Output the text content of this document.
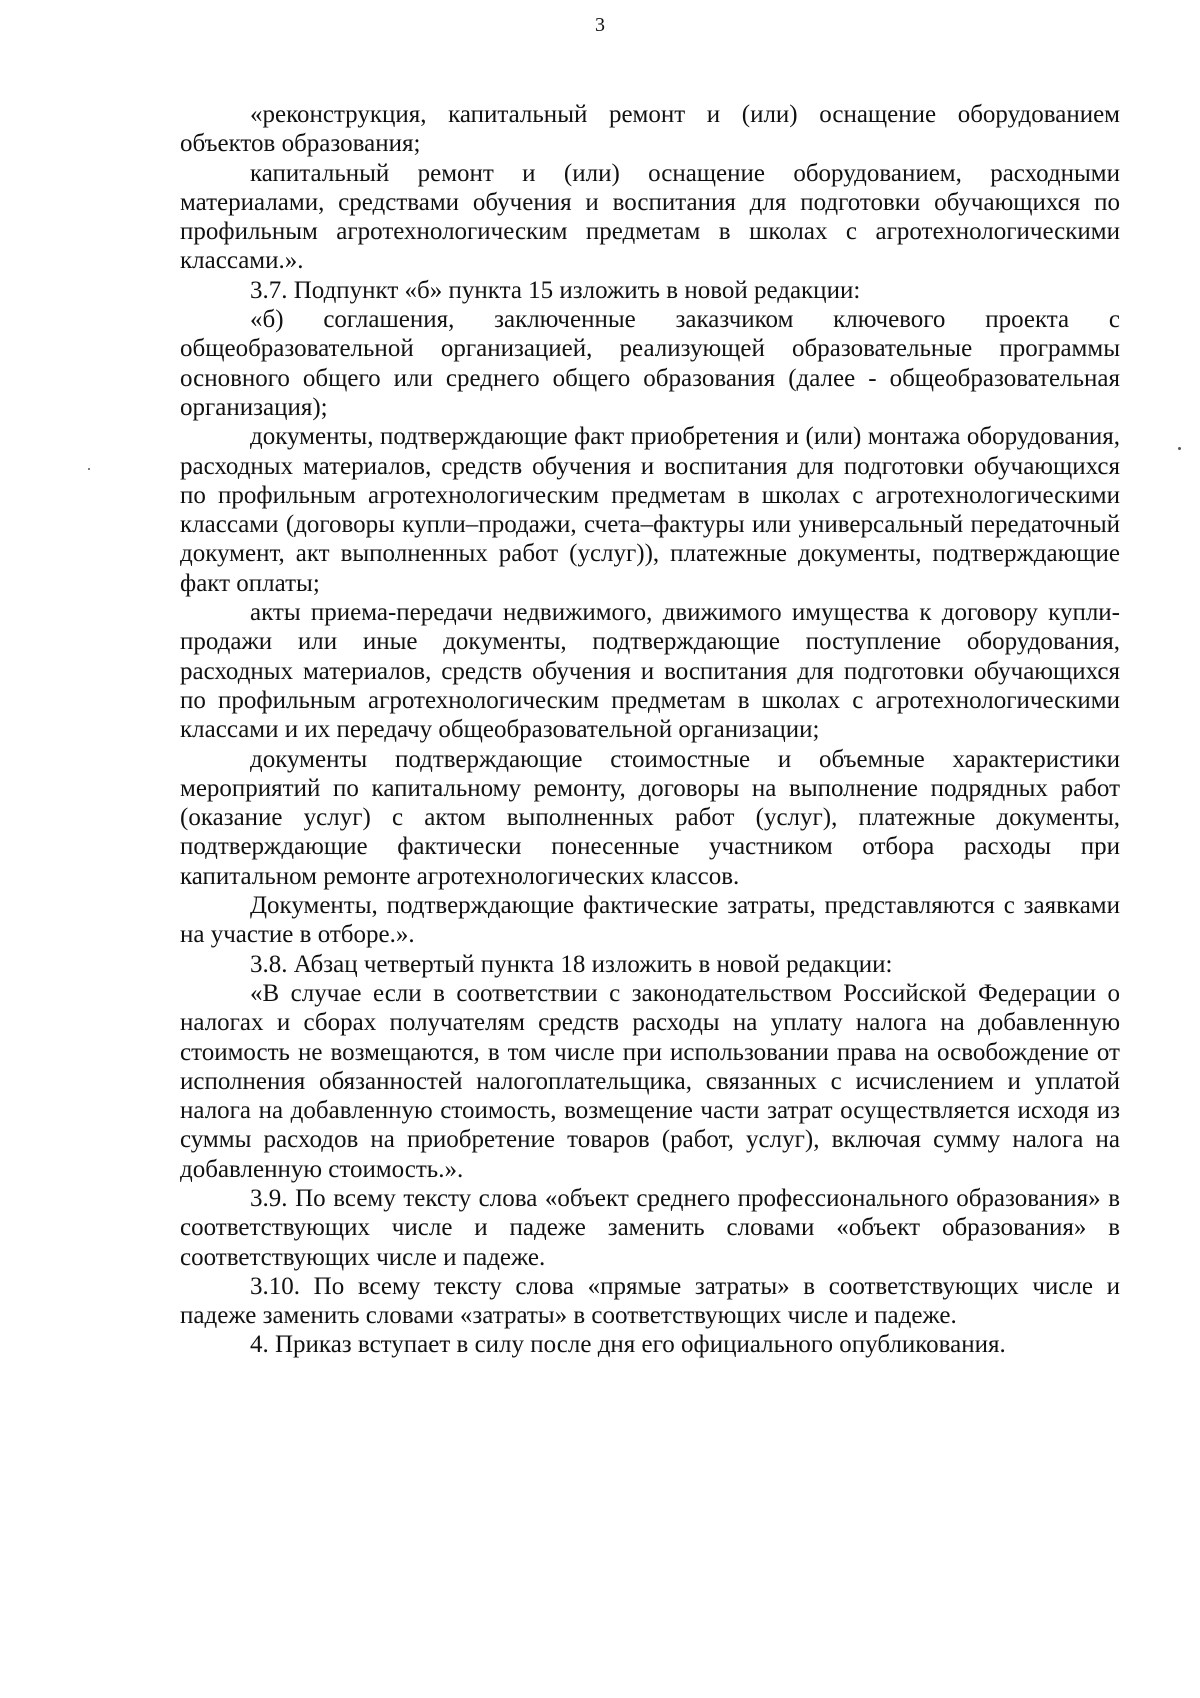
3

«реконструкция, капитальный ремонт и (или) оснащение оборудованием объектов образования;

капитальный ремонт и (или) оснащение оборудованием, расходными материалами, средствами обучения и воспитания для подготовки обучающихся по профильным агротехнологическим предметам в школах с агротехнологическими классами.».

3.7. Подпункт «б» пункта 15 изложить в новой редакции:

«б) соглашения, заключенные заказчиком ключевого проекта с общеобразовательной организацией, реализующей образовательные программы основного общего или среднего общего образования (далее - общеобразовательная организация);

документы, подтверждающие факт приобретения и (или) монтажа оборудования, расходных материалов, средств обучения и воспитания для подготовки обучающихся по профильным агротехнологическим предметам в школах с агротехнологическими классами (договоры купли–продажи, счета–фактуры или универсальный передаточный документ, акт выполненных работ (услуг)), платежные документы, подтверждающие факт оплаты;

акты приема-передачи недвижимого, движимого имущества к договору купли-продажи или иные документы, подтверждающие поступление оборудования, расходных материалов, средств обучения и воспитания для подготовки обучающихся по профильным агротехнологическим предметам в школах с агротехнологическими классами и их передачу общеобразовательной организации;

документы подтверждающие стоимостные и объемные характеристики мероприятий по капитальному ремонту, договоры на выполнение подрядных работ (оказание услуг) с актом выполненных работ (услуг), платежные документы, подтверждающие фактически понесенные участником отбора расходы при капитальном ремонте агротехнологических классов.

Документы, подтверждающие фактические затраты, представляются с заявками на участие в отборе.».

3.8. Абзац четвертый пункта 18 изложить в новой редакции:

«В случае если в соответствии с законодательством Российской Федерации о налогах и сборах получателям средств расходы на уплату налога на добавленную стоимость не возмещаются, в том числе при использовании права на освобождение от исполнения обязанностей налогоплательщика, связанных с исчислением и уплатой налога на добавленную стоимость, возмещение части затрат осуществляется исходя из суммы расходов на приобретение товаров (работ, услуг), включая сумму налога на добавленную стоимость.».

3.9. По всему тексту слова «объект среднего профессионального образования» в соответствующих числе и падеже заменить словами «объект образования» в соответствующих числе и падеже.

3.10. По всему тексту слова «прямые затраты» в соответствующих числе и падеже заменить словами «затраты» в соответствующих числе и падеже.

4. Приказ вступает в силу после дня его официального опубликования.
